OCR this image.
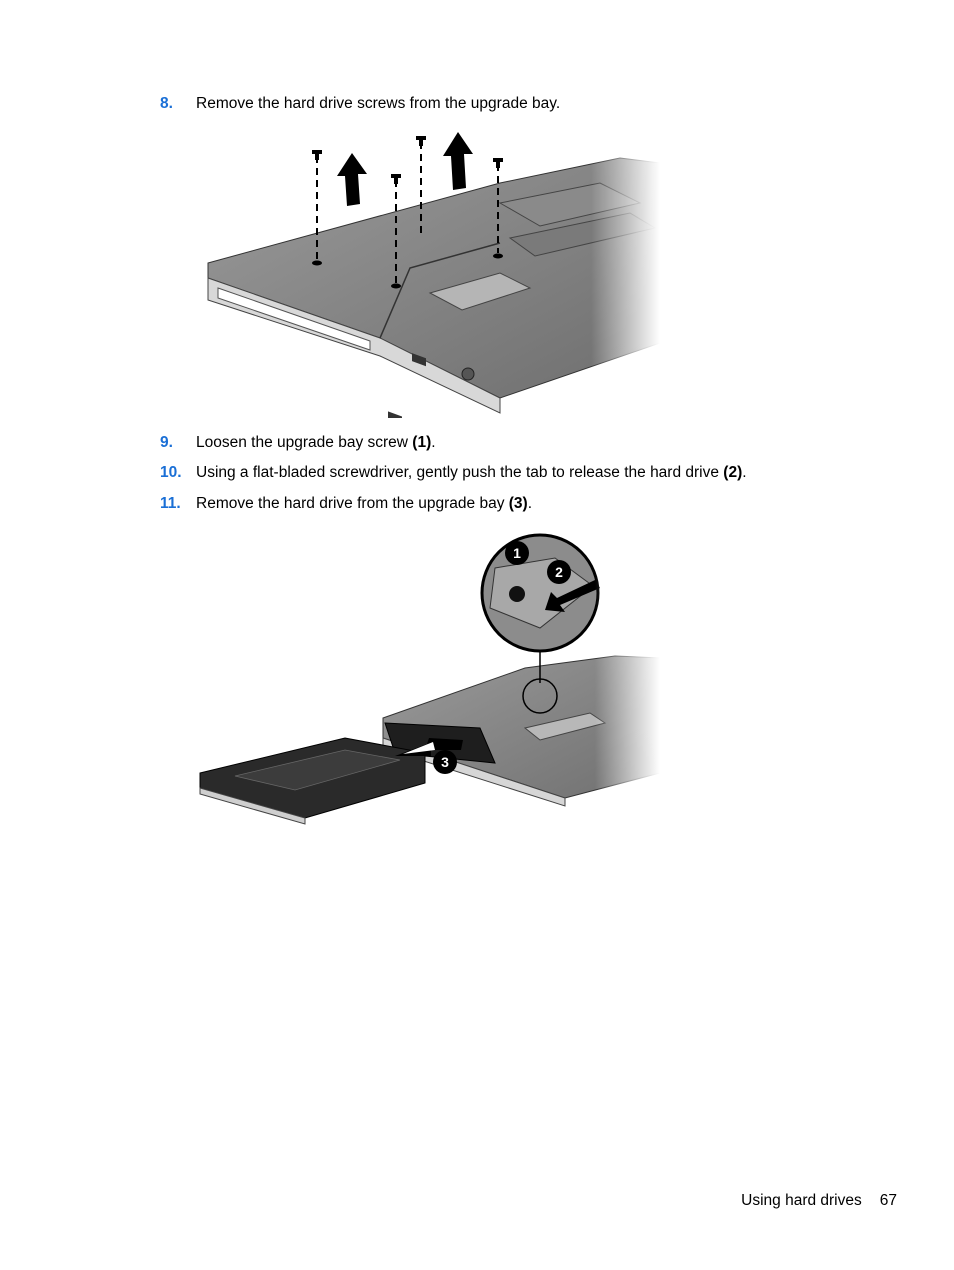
8. Remove the hard drive screws from the upgrade bay.
9. Loosen the upgrade bay screw (1).
10. Using a flat-bladed screwdriver, gently push the tab to release the hard drive (2).
11. Remove the hard drive from the upgrade bay (3).
Using hard drives 67
